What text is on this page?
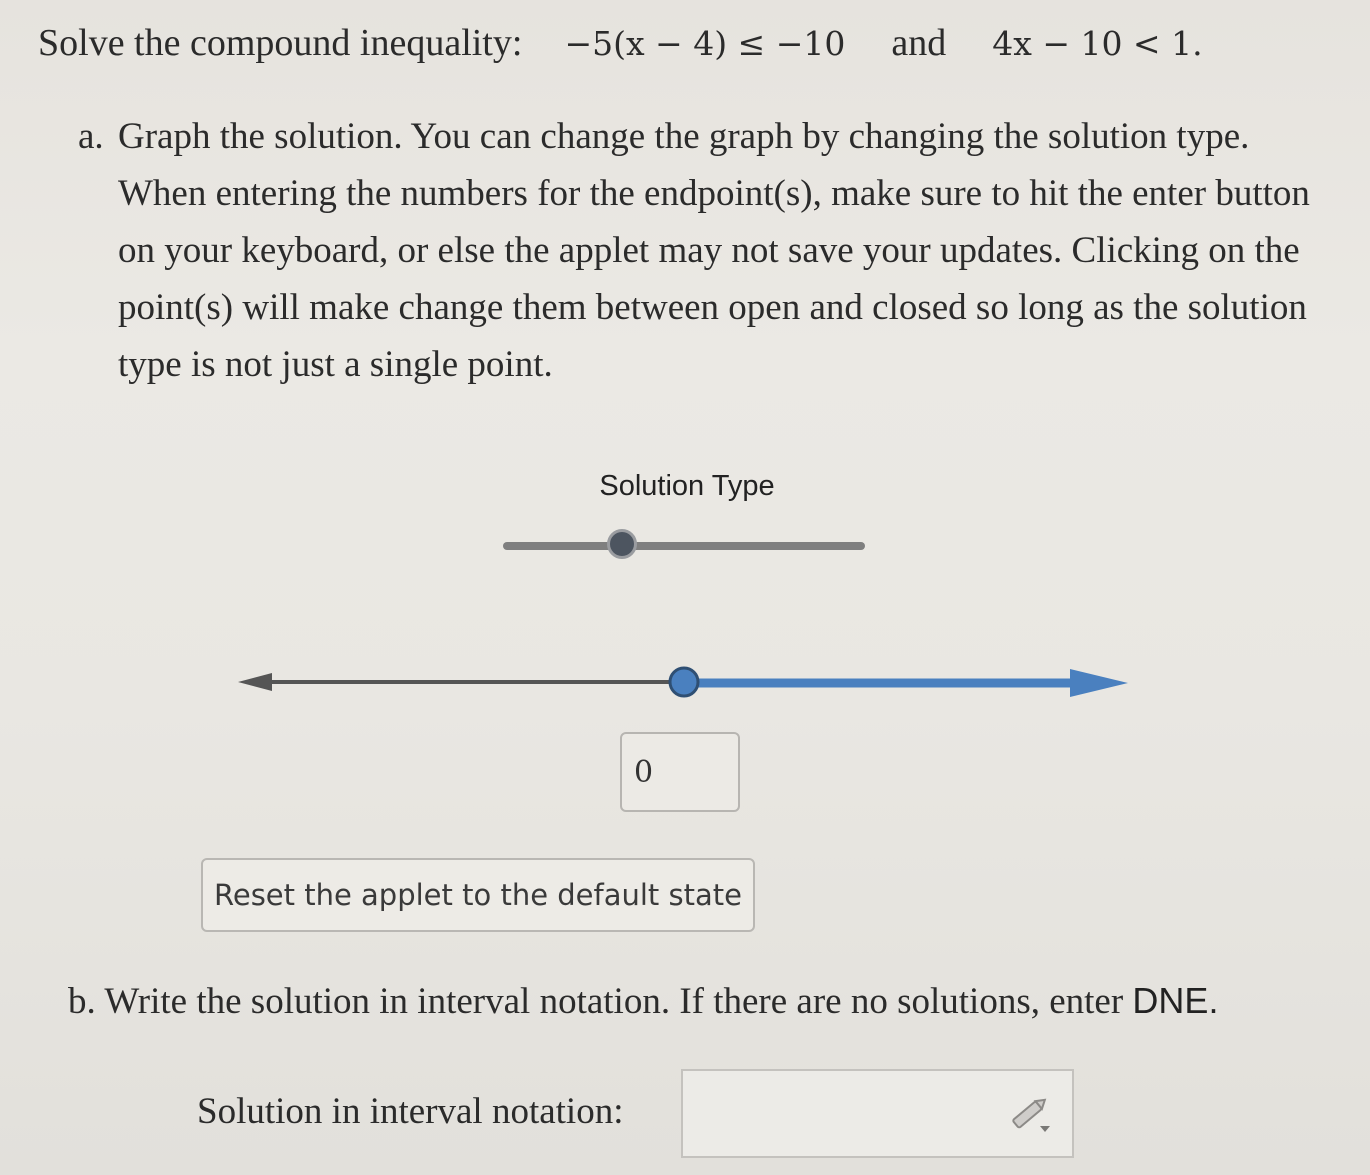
Solve the compound inequality: −5(x − 4) ≤ −10 and 4x − 10 < 1.
a. Graph the solution. You can change the graph by changing the solution type. When entering the numbers for the endpoint(s), make sure to hit the enter button on your keyboard, or else the applet may not save your updates. Clicking on the point(s) will make change them between open and closed so long as the solution type is not just a single point.
Solution Type
0
Reset the applet to the default state
b. Write the solution in interval notation. If there are no solutions, enter DNE.
Solution in interval notation:
